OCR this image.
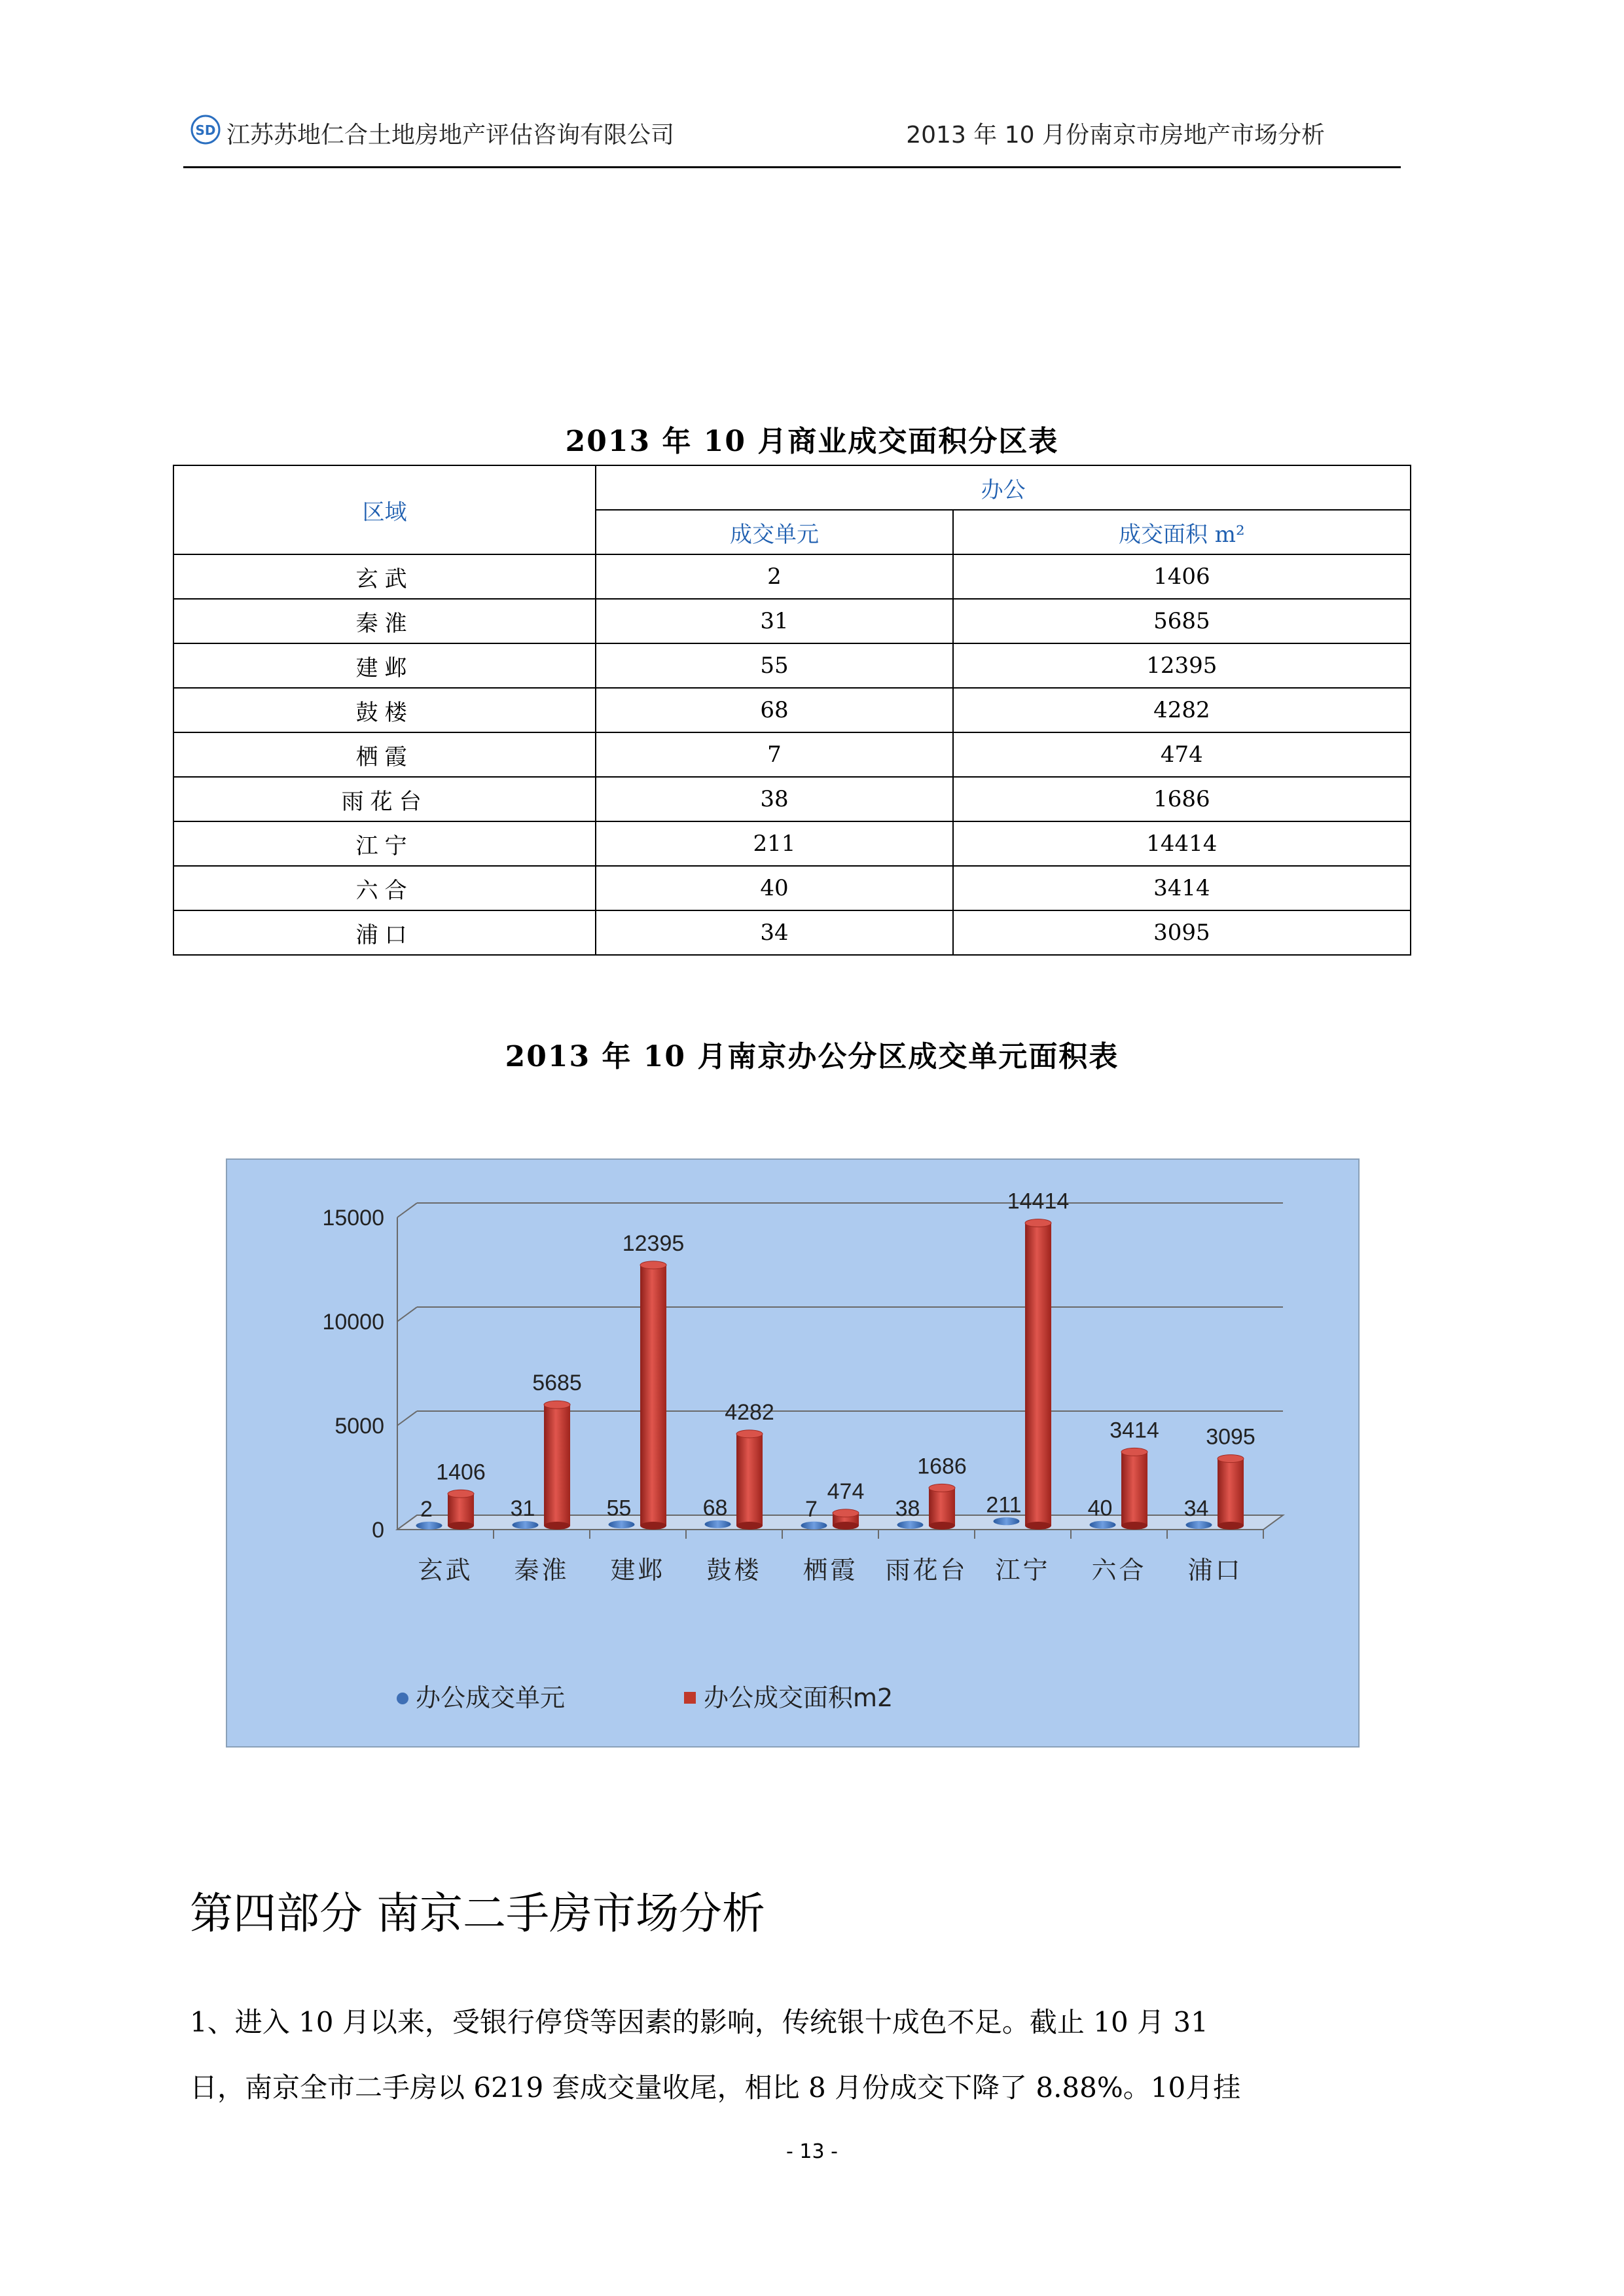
SD 江苏苏地仁合土地房地产评估咨询有限公司	2013 年 10 月份南京市房地产市场分析
2013 年 10 月商业成交面积分区表
区域	办公	
	成交单元	成交面积 m²
玄武	2	1406
秦淮	31	5685
建邺	55	12395
鼓楼	68	4282
栖霞	7	474
雨花台	38	1686
江宁	211	14414
六合	40	3414
浦口	34	3095
2013 年 10 月南京办公分区成交单元面积表
0
5000
10000
15000
1406
2
玄武
5685
31
秦淮
12395
55
建邺
4282
68
鼓楼
474
7
栖霞
1686
38
雨花台
14414
211
江宁
3414
40
六合
3095
34
浦口
办公成交单元	办公成交面积m2
第四部分 南京二手房市场分析
1、进入 10 月以来，受银行停贷等因素的影响，传统银十成色不足。截止 10 月 31
日，南京全市二手房以 6219 套成交量收尾，相比 8 月份成交下降了 8.88%。10月挂
- 13 -
